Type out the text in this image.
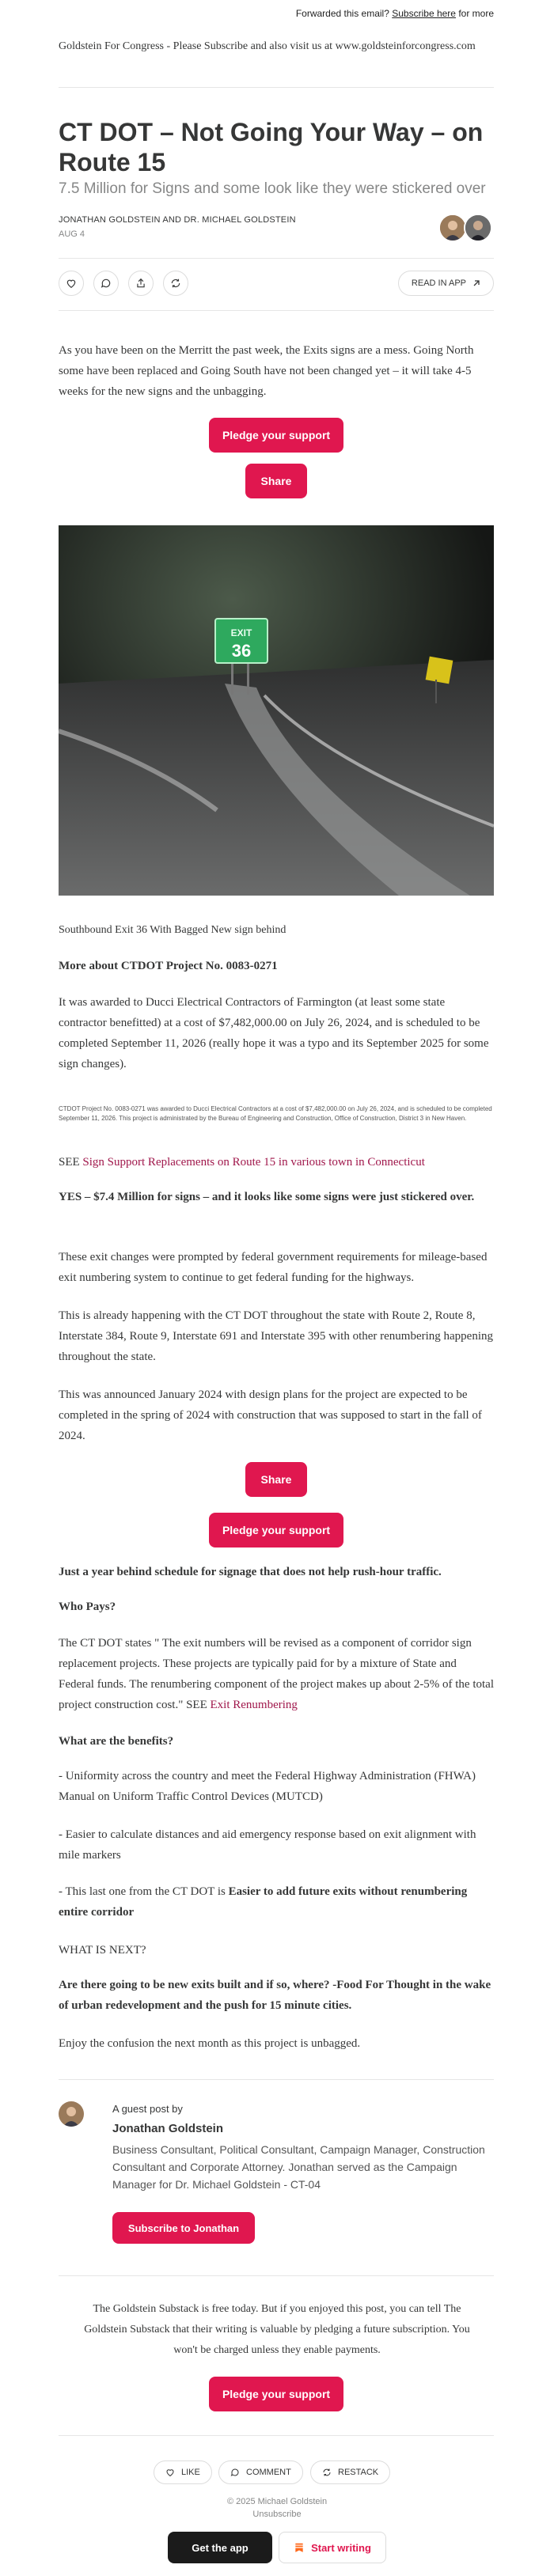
Forwarded this email? Subscribe here for more
Goldstein For Congress - Please Subscribe and also visit us at www.goldsteinforcongress.com
CT DOT – Not Going Your Way – on Route 15
7.5 Million for Signs and some look like they were stickered over
JONATHAN GOLDSTEIN AND DR. MICHAEL GOLDSTEIN
AUG 4
READ IN APP

As you have been on the Merritt the past week, the Exits signs are a mess. Going North some have been replaced and Going South have not been changed yet – it will take 4-5 weeks for the new signs and the unbagging.

Pledge your support
Share
EXIT
36
Southbound Exit 36 With Bagged New sign behind

More about CTDOT Project No. 0083-0271

It was awarded to Ducci Electrical Contractors of Farmington (at least some state contractor benefitted) at a cost of $7,482,000.00 on July 26, 2024, and is scheduled to be completed September 11, 2026 (really hope it was a typo and its September 2025 for some sign changes).

CTDOT Project No. 0083-0271 was awarded to Ducci Electrical Contractors at a cost of $7,482,000.00 on July 26, 2024, and is scheduled to be completed September 11, 2026. This project is administrated by the Bureau of Engineering and Construction, Office of Construction, District 3 in New Haven.

SEE Sign Support Replacements on Route 15 in various town in Connecticut

YES – $7.4 Million for signs – and it looks like some signs were just stickered over.

These exit changes were prompted by federal government requirements for mileage-based exit numbering system to continue to get federal funding for the highways.

This is already happening with the CT DOT throughout the state with Route 2, Route 8, Interstate 384, Route 9, Interstate 691 and Interstate 395 with other renumbering happening throughout the state.

This was announced January 2024 with design plans for the project are expected to be completed in the spring of 2024 with construction that was supposed to start in the fall of 2024.

Share
Pledge your support

Just a year behind schedule for signage that does not help rush-hour traffic.

Who Pays?

The CT DOT states " The exit numbers will be revised as a component of corridor sign replacement projects. These projects are typically paid for by a mixture of State and Federal funds. The renumbering component of the project makes up about 2-5% of the total project construction cost." SEE Exit Renumbering

What are the benefits?

- Uniformity across the country and meet the Federal Highway Administration (FHWA) Manual on Uniform Traffic Control Devices (MUTCD)

- Easier to calculate distances and aid emergency response based on exit alignment with mile markers

- This last one from the CT DOT is Easier to add future exits without renumbering entire corridor

WHAT IS NEXT?

Are there going to be new exits built and if so, where? -Food For Thought in the wake of urban redevelopment and the push for 15 minute cities.

Enjoy the confusion the next month as this project is unbagged.

A guest post by
Jonathan Goldstein
Business Consultant, Political Consultant, Campaign Manager, Construction Consultant and Corporate Attorney. Jonathan served as the Campaign Manager for Dr. Michael Goldstein - CT-04
Subscribe to Jonathan
The Goldstein Substack is free today. But if you enjoyed this post, you can tell The Goldstein Substack that their writing is valuable by pledging a future subscription. You won't be charged unless they enable payments.
Pledge your support
LIKE	COMMENT	RESTACK
© 2025 Michael Goldstein
Unsubscribe
Get the app	Start writing
